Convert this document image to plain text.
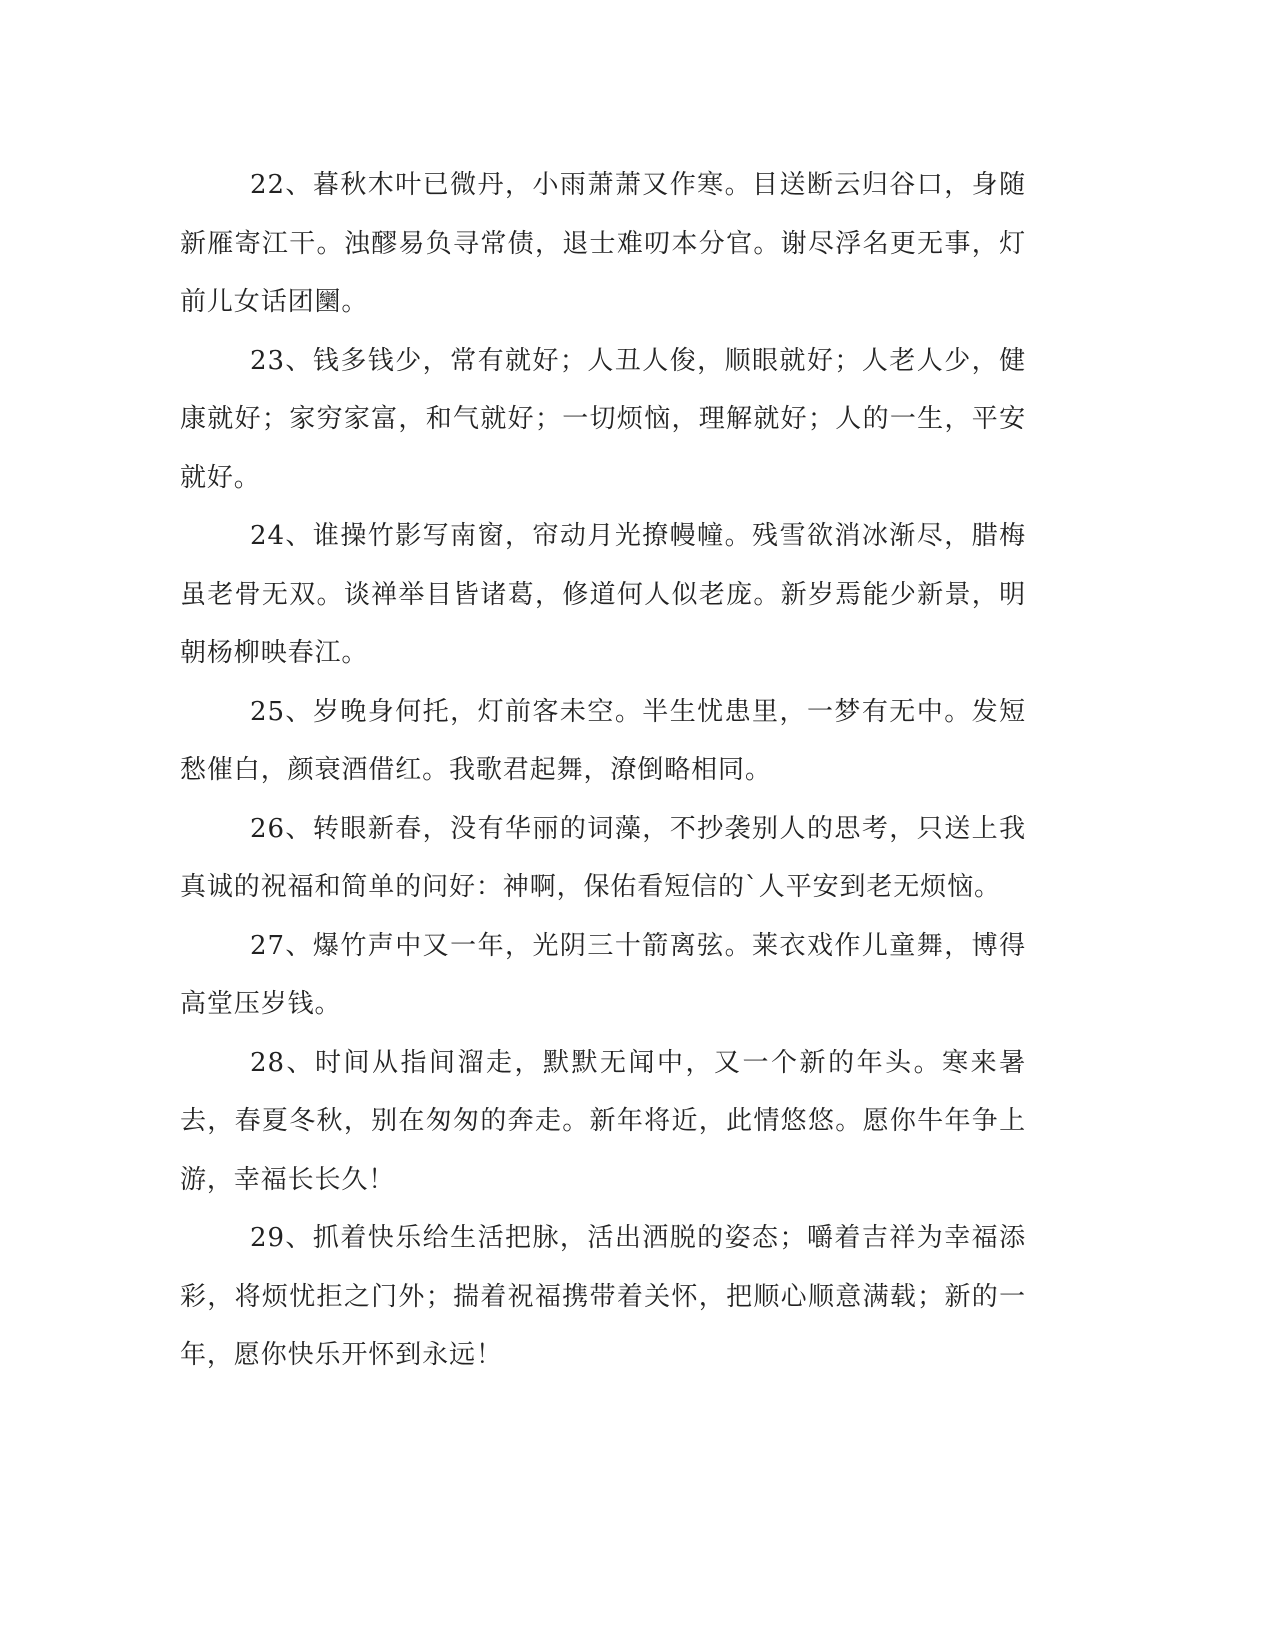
22、暮秋木叶已微丹，小雨萧萧又作寒。目送断云归谷口，身随新雁寄江干。浊醪易负寻常债，退士难叨本分官。谢尽浮名更无事，灯前儿女话团圞。

23、钱多钱少，常有就好；人丑人俊，顺眼就好；人老人少，健康就好；家穷家富，和气就好；一切烦恼，理解就好；人的一生，平安就好。

24、谁操竹影写南窗，帘动月光撩幔幢。残雪欲消冰渐尽，腊梅虽老骨无双。谈禅举目皆诸葛，修道何人似老庞。新岁焉能少新景，明朝杨柳映春江。

25、岁晚身何托，灯前客未空。半生忧患里，一梦有无中。发短愁催白，颜衰酒借红。我歌君起舞，潦倒略相同。

26、转眼新春，没有华丽的词藻，不抄袭别人的思考，只送上我真诚的祝福和简单的问好：神啊，保佑看短信的`人平安到老无烦恼。

27、爆竹声中又一年，光阴三十箭离弦。莱衣戏作儿童舞，博得高堂压岁钱。

28、时间从指间溜走，默默无闻中，又一个新的年头。寒来暑去，春夏冬秋，别在匆匆的奔走。新年将近，此情悠悠。愿你牛年争上游，幸福长长久！

29、抓着快乐给生活把脉，活出洒脱的姿态；嚼着吉祥为幸福添彩，将烦忧拒之门外；揣着祝福携带着关怀，把顺心顺意满载；新的一年，愿你快乐开怀到永远！
